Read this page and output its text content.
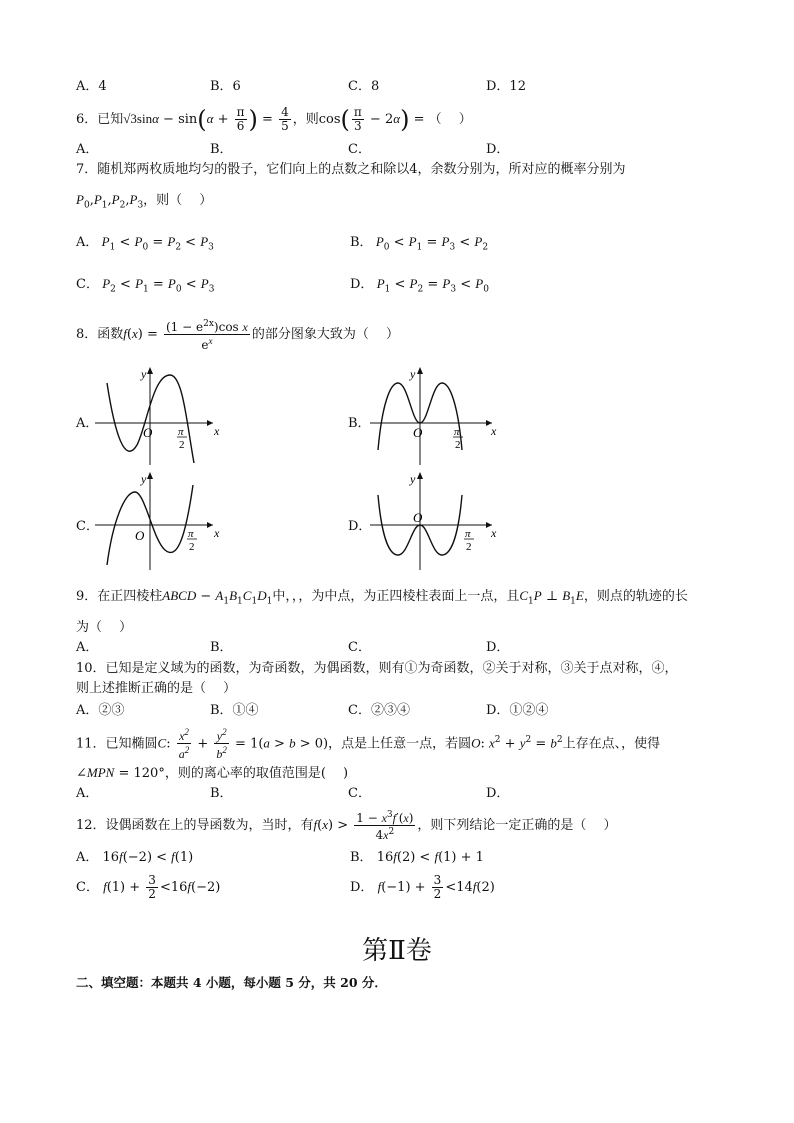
A．4	B．6	C．8	D．12
6．已知$√3\sin\alpha - \sin(\alpha + \frac{\pi}{6}$ ) = $\frac{4}{5}$ ，则$\cos( \frac{\pi}{3} - 2\alpha)$ = （　 ）
A．	B．	C．	D．
7．随机郑两枚质地均匀的骰子，它们向上的点数之和除以4，余数分别为，所对应的概率分别为
$P_0,P_1,P_2,P_3$，则（　 ）
A． $P_1 < P_0 = P_2 < P_3$	B． $P_0 < P_1 = P_3 < P_2$
C． $P_2 < P_1 = P_0 < P_3$	D． $P_1 < P_2 = P_3 < P_0$
8．函数$f(x) = \frac{(1 - e^{2x})\cos x}{e^x}$ 的部分图象大致为（　 ）
A．	B．
C．	D．
O
y
x
π
2
O
y
x
π
2
O
y
x
π
2
O
y
x
π
2
9．在正四棱柱ABCD − $A_1B_1C_1D_1$中，，，为中点，为正四棱柱表面上一点，且$C_1P$ ⊥ $B_1E$，则点的轨迹的长
为（　 ）
A．	B．	C．	D．
10．已知是定义域为的函数，为奇函数，为偶函数，则有①为奇函数，②关于对称，③关于点对称，④，
则上述推断正确的是（　 ）
A．②③	B．①④	C．②③④	D．①②④
11．已知椭圆C: $\frac{x^2}{a^2} + \frac{y^2}{b^2} = 1(a > b > 0)$，点是上任意一点，若圆O: $x^2 + y^2 = b^2$上存在点、，使得
∠MPN = 120°，则的离心率的取值范围是(　 )
A．	B．	C．	D．
12．设偶函数在上的导函数为，当时，有$f(x) > \frac{1 - x^3f'(x)}{4x^2}$ ，则下列结论一定正确的是（　 ）
A． 16f(−2) < f(1)	B． 16f(2) < f(1) + 1
C． $f(1) + \frac{3}{2} <16f(-2)$	D． $f(-1) + \frac{3}{2} <14f(2)$
第Ⅱ卷
二、填空题：本题共 4 小题，每小题 5 分，共 20 分．
